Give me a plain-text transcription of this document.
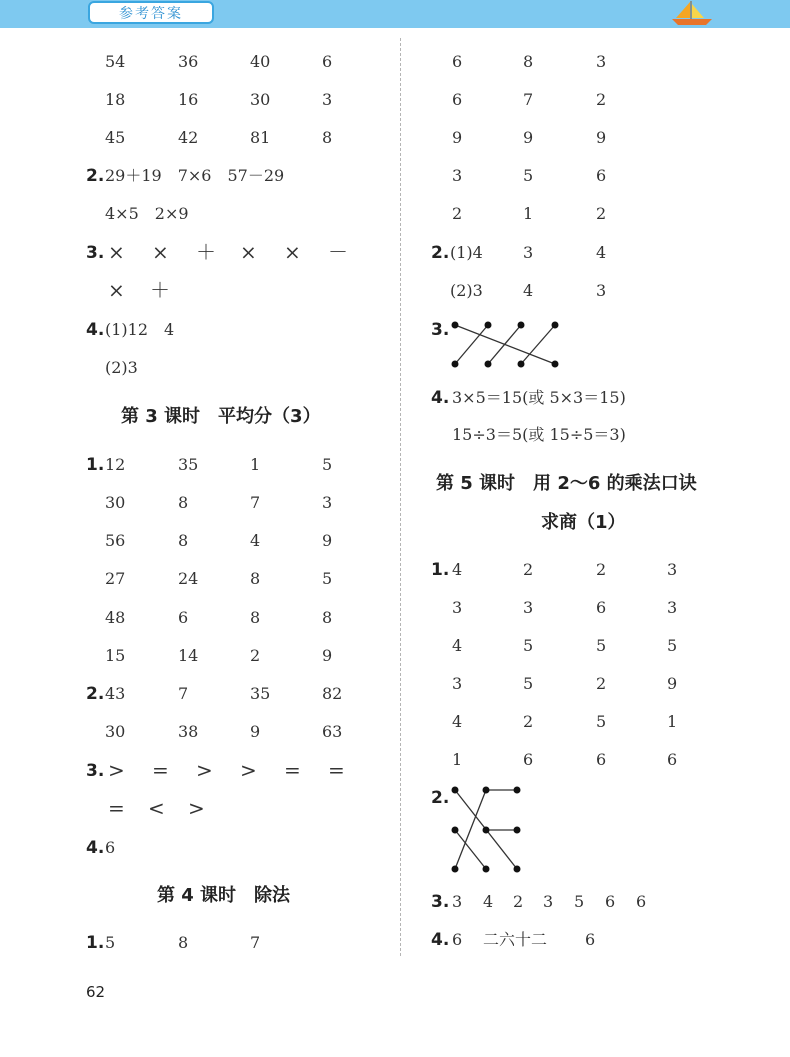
参考答案
54	36	40	6
18	16	30	3
45	42	81	8
2. 29＋19　7×6　57－29
4×5　2×9
3. × × ＋ × × －
× ＋
4. (1)12　4
(2)3
第 3 课时　平均分（3）
1. 12	35	1	5
30	8	7	3
56	8	4	9
27	24	8	5
48	6	8	8
15	14	2	9
2. 43	7	35	82
30	38	9	63
3. > = > > = =
= < >
4. 6
第 4 课时　除法
1. 5	8	7
6	8	3
6	7	2
9	9	9
3	5	6
2	1	2
2. (1)4	3	4
(2)3	4	3
3.
4. 3×5＝15(或 5×3＝15)
15÷3＝5(或 15÷5＝3)
第 5 课时　用 2～6 的乘法口诀
求商（1）
1. 4	2	2	3
3	3	6	3
4	5	5	5
3	5	2	9
4	2	5	1
1	6	6	6
2.
3. 3 4 2 3 5 6 6
4. 6 二六十二 6
62
